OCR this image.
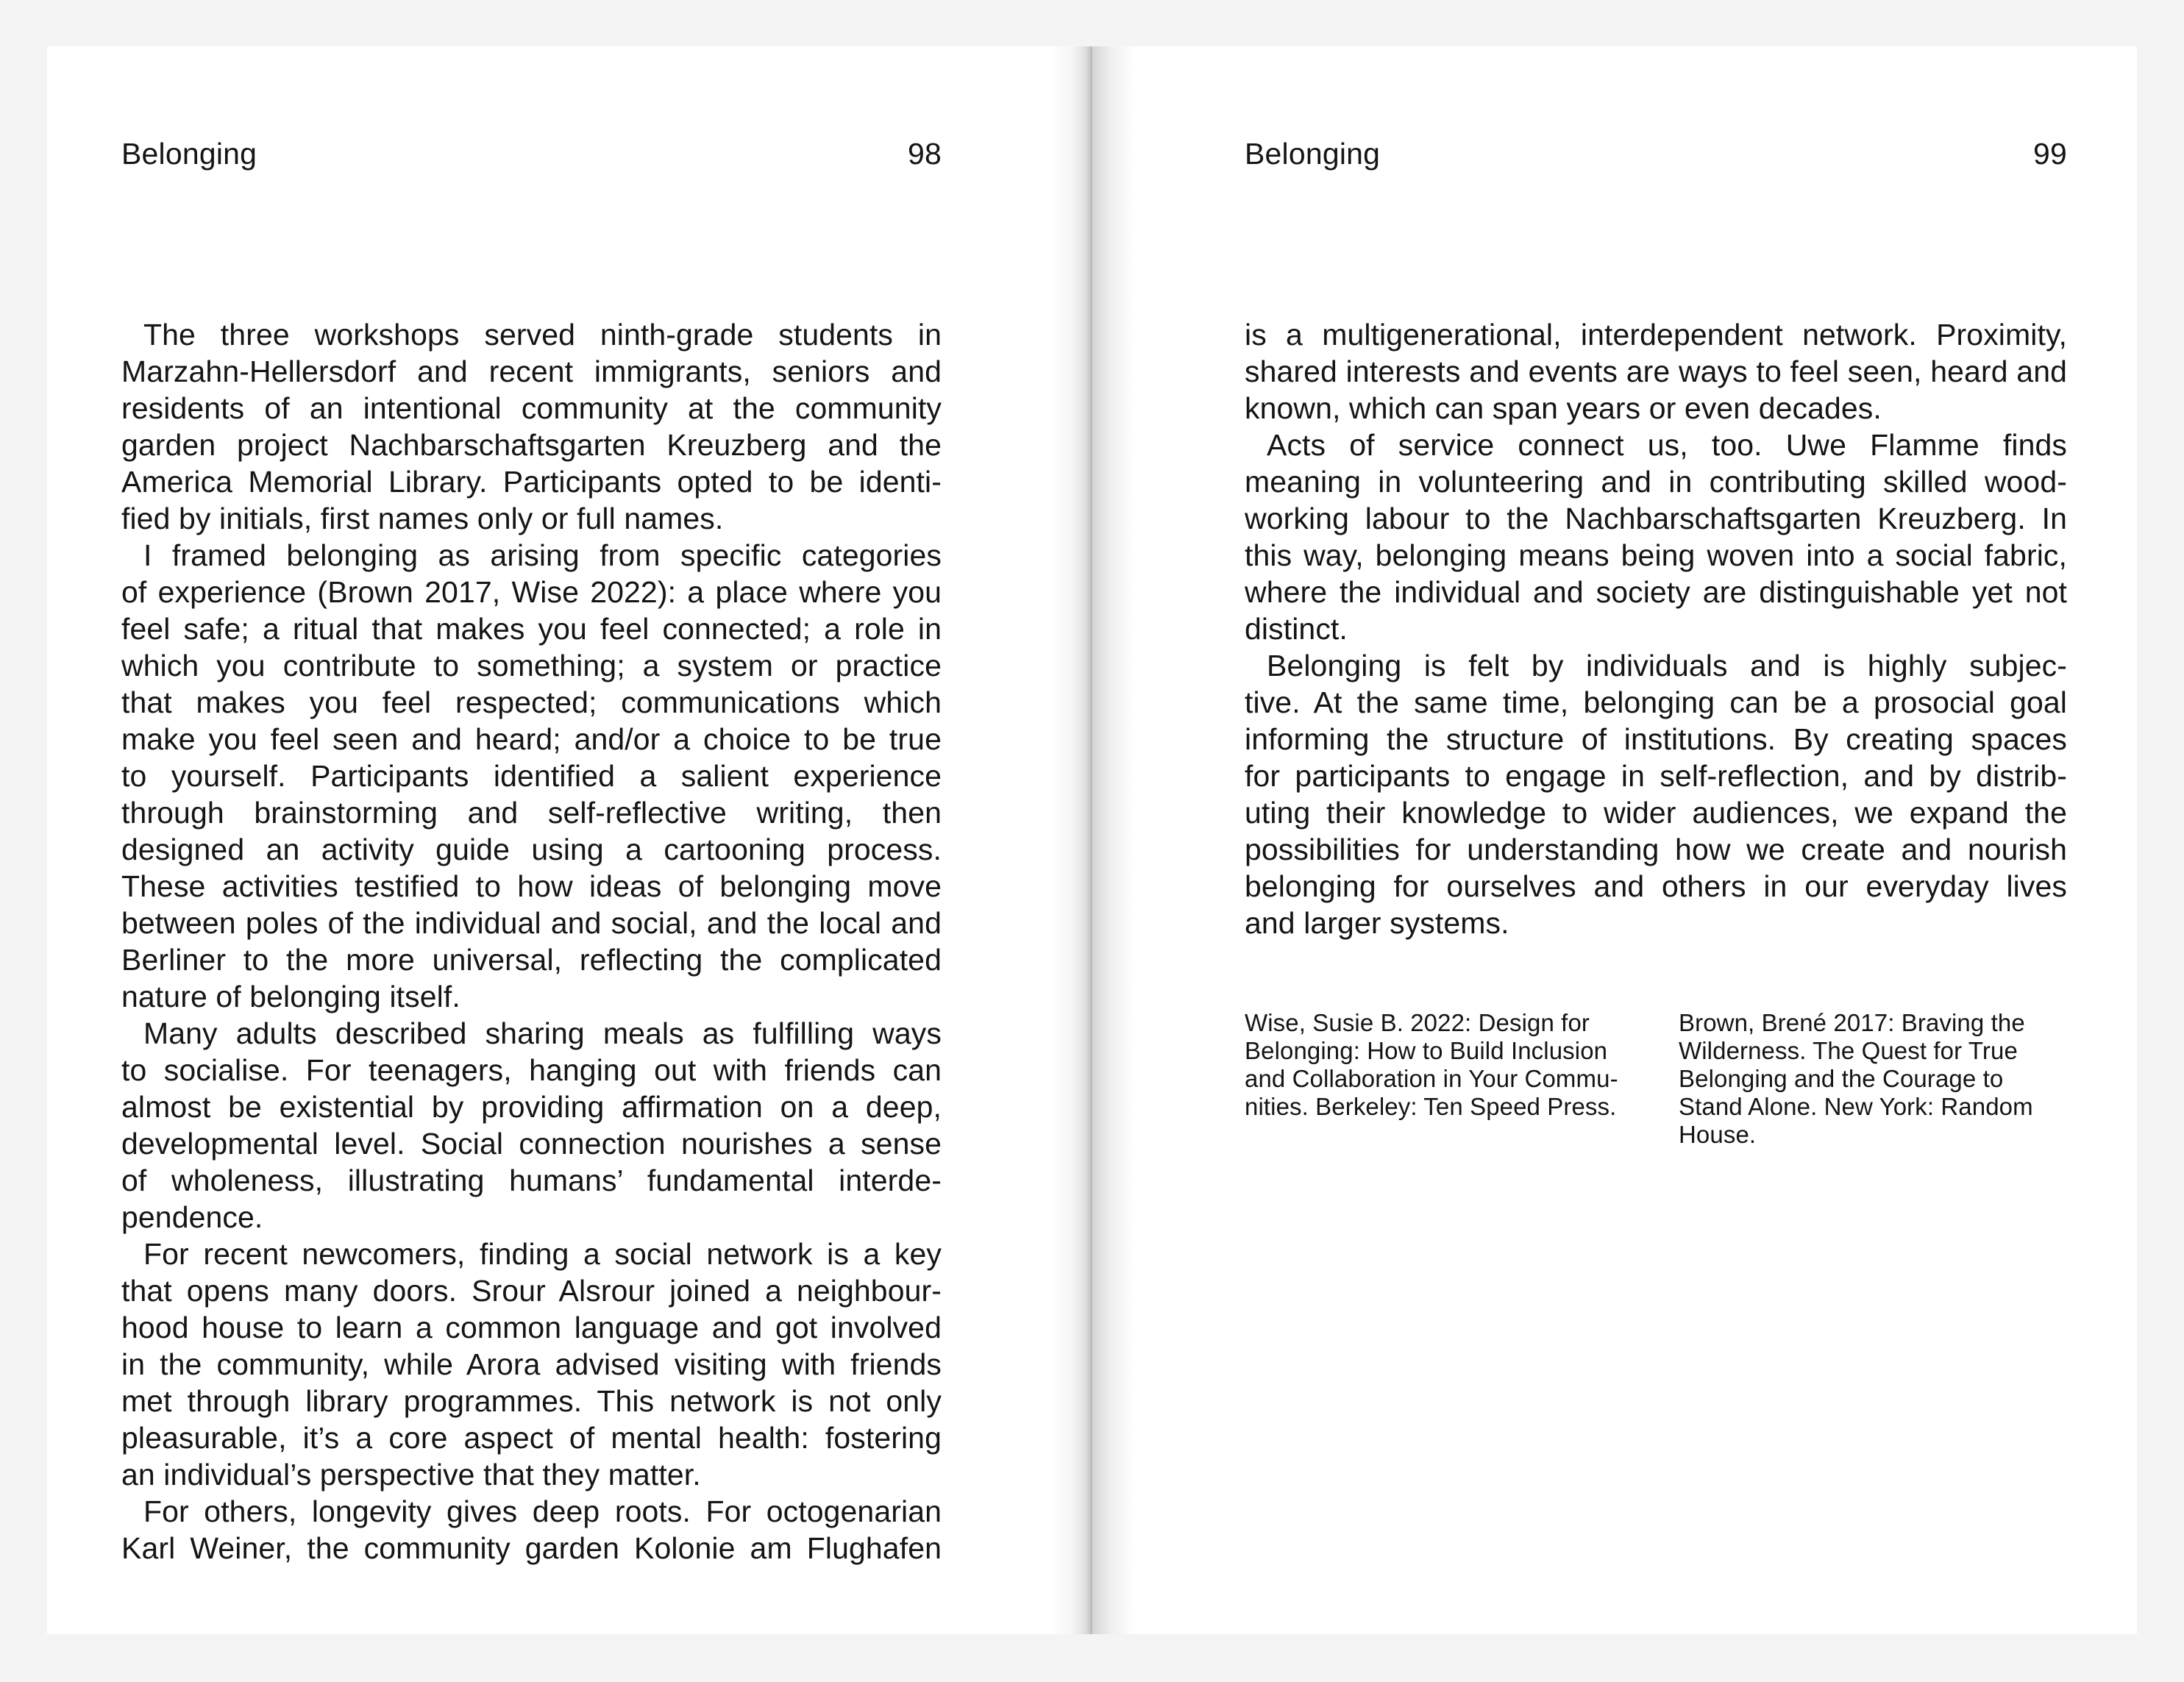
Belonging	98
The three workshops served ninth-grade students in
Marzahn-Hellersdorf and recent immigrants, seniors and
residents of an intentional community at the community
garden project Nachbarschaftsgarten Kreuzberg and the
America Memorial Library. Participants opted to be identi-
fied by initials, first names only or full names.
I framed belonging as arising from specific categories
of experience (Brown 2017, Wise 2022): a place where you
feel safe; a ritual that makes you feel connected; a role in
which you contribute to something; a system or practice
that makes you feel respected; communications which
make you feel seen and heard; and/or a choice to be true
to yourself. Participants identified a salient experience
through brainstorming and self-reflective writing, then
designed an activity guide using a cartooning process.
These activities testified to how ideas of belonging move
between poles of the individual and social, and the local and
Berliner to the more universal, reflecting the complicated
nature of belonging itself.
Many adults described sharing meals as fulfilling ways
to socialise. For teenagers, hanging out with friends can
almost be existential by providing affirmation on a deep,
developmental level. Social connection nourishes a sense
of wholeness, illustrating humans’ fundamental interde-
pendence.
For recent newcomers, finding a social network is a key
that opens many doors. Srour Alsrour joined a neighbour-
hood house to learn a common language and got involved
in the community, while Arora advised visiting with friends
met through library programmes. This network is not only
pleasurable, it’s a core aspect of mental health: fostering
an individual’s perspective that they matter.
For others, longevity gives deep roots. For octogenarian
Karl Weiner, the community garden Kolonie am Flughafen
Belonging	99
is a multigenerational, interdependent network. Proximity,
shared interests and events are ways to feel seen, heard and
known, which can span years or even decades.
Acts of service connect us, too. Uwe Flamme finds
meaning in volunteering and in contributing skilled wood-
working labour to the Nachbarschaftsgarten Kreuzberg. In
this way, belonging means being woven into a social fabric,
where the individual and society are distinguishable yet not
distinct.
Belonging is felt by individuals and is highly subjec-
tive. At the same time, belonging can be a prosocial goal
informing the structure of institutions. By creating spaces
for participants to engage in self-reflection, and by distrib-
uting their knowledge to wider audiences, we expand the
possibilities for understanding how we create and nourish
belonging for ourselves and others in our everyday lives
and larger systems.
Wise, Susie B. 2022: Design for
Belonging: How to Build Inclusion
and Collaboration in Your Commu-
nities. Berkeley: Ten Speed Press.
Brown, Brené 2017: Braving the
Wilderness. The Quest for True
Belonging and the Courage to
Stand Alone. New York: Random
House.
